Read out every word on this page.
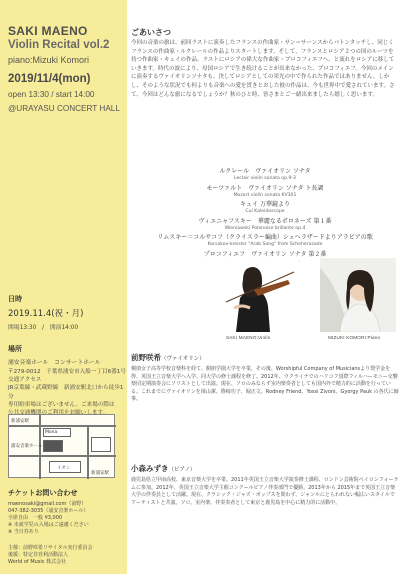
SAKI MAENO
Violin Recital vol.2
piano:Mizuki Komori
2019/11/4(mon)
open 13:30 / start 14:00
@URAYASU CONCERT HALL
日時
2019.11.4(祝・月)
開場13:30　/　開演14:00
場所
浦安音楽ホール　コンサートホール
〒279-0012　千葉県浦安市入船一丁目6番1号
交通アクセス
JR京葉線・武蔵野線　新浦安駅北口から徒歩1分
専用駐車場はございません。ご来場の際は
新浦安駅
浦安音楽ホール
Mona
イオン
新浦安駅
チケットお問い合わせ
maenosaki@gmail.com（前野）
047-382-3035（浦安音楽ホール）
全席自由　一般 ¥3,000
※ 未就学児の入場はご遠慮ください
※ 当日券あり
主催：前野咲希リサイタル実行委員会
後援：特定非営利活動法人
World of Music 株式会社
ごあいさつ
今回の音楽の旅は、前回ラストに演奏したフランスの作曲家・サン＝サーンスからバトンタッチし、同じくフランスの作曲家・ルクレールの作品よりスタートします。そして、フランスとロシア２つの国のルーツを持つ作曲家・キュイの作品、ラストにロシアの偉大な作曲家・プロコフィエフへ、と流れをロシアに移していきます。時代の波により、母国ロシアで生き続けることが出来なかった、プロコフィエフ。今回のメインに演奏するヴァイオリンソナタも、決してロシアとしての栄光の中で作られた作品ではありません。しかし、そのような状況でも何よりも音楽への愛を貫きとおした彼の作品は、今も世界中で愛されています。さて、今回はどんな旅になるでしょうか？秋のひと時、皆さまとご一緒出来ましたら嬉しく思います。
ルクレール　ヴァイオリン ソナタ
Leclair violin sonata op.9-3
モーツァルト　ヴァイオリン ソナタ ト長調
Mozart violin sonata KV301
キュイ 万華鏡より
Cui Kaleidoscope
ヴィエニャフスキー　華麗なるポロネーズ 第１番
Wieniawski Polonaise brillante op.4
リムスキー＝コルサコフ（クライスラー編曲）シェヘラザードよりアラビアの歌
Korsakov-kreisler "Arab Song" from Scheherazade
プロコフィエフ　ヴァイオリン ソナタ 第２番
SAKI MAENO:Violin	MIZUKI KOMORI:Piano
前野咲希（ヴァイオリン）
桐朋女子高等学校音楽科を経て、桐朋学園大学を卒業。その後、Worshipful Company of Musiciansより奨学金を得、英国王立音楽大学へ入学、同大学の修士課程を修了。2012年、ウクライナでのハリコフ国際フィルハーモニー交響楽団定期演奏会にソリストとして出演。現在、ソロのみならず室内楽奏者としても国内外で精力的に活動を行っている。これまでにヴァイオリンを岡山潔、篠崎功子、堀正文、Rodney Friend、Yossi Zivoni、Gyorgy Pauk の各氏に師事。
小森みずき（ピアノ）
鹿児島県立甲南高校、東京音楽大学を卒業。2011年英国王立音楽大学演奏修士課程、ロンドン芸術院ベイロンフォーラムに参加。2012年、英国王立音楽大学主催コンクールピアノ伴奏部門で優勝。2013年から 2015年まで英国王立音楽大学の伴奏員として活躍。現在、クラシック・ジャズ・ポップスを問わず、ジャンルにとらわれない幅広いスタイルでアーティストと共演。ソロ、室内楽、伴奏奏者として東京と鹿児島を中心に精力的に活動中。
